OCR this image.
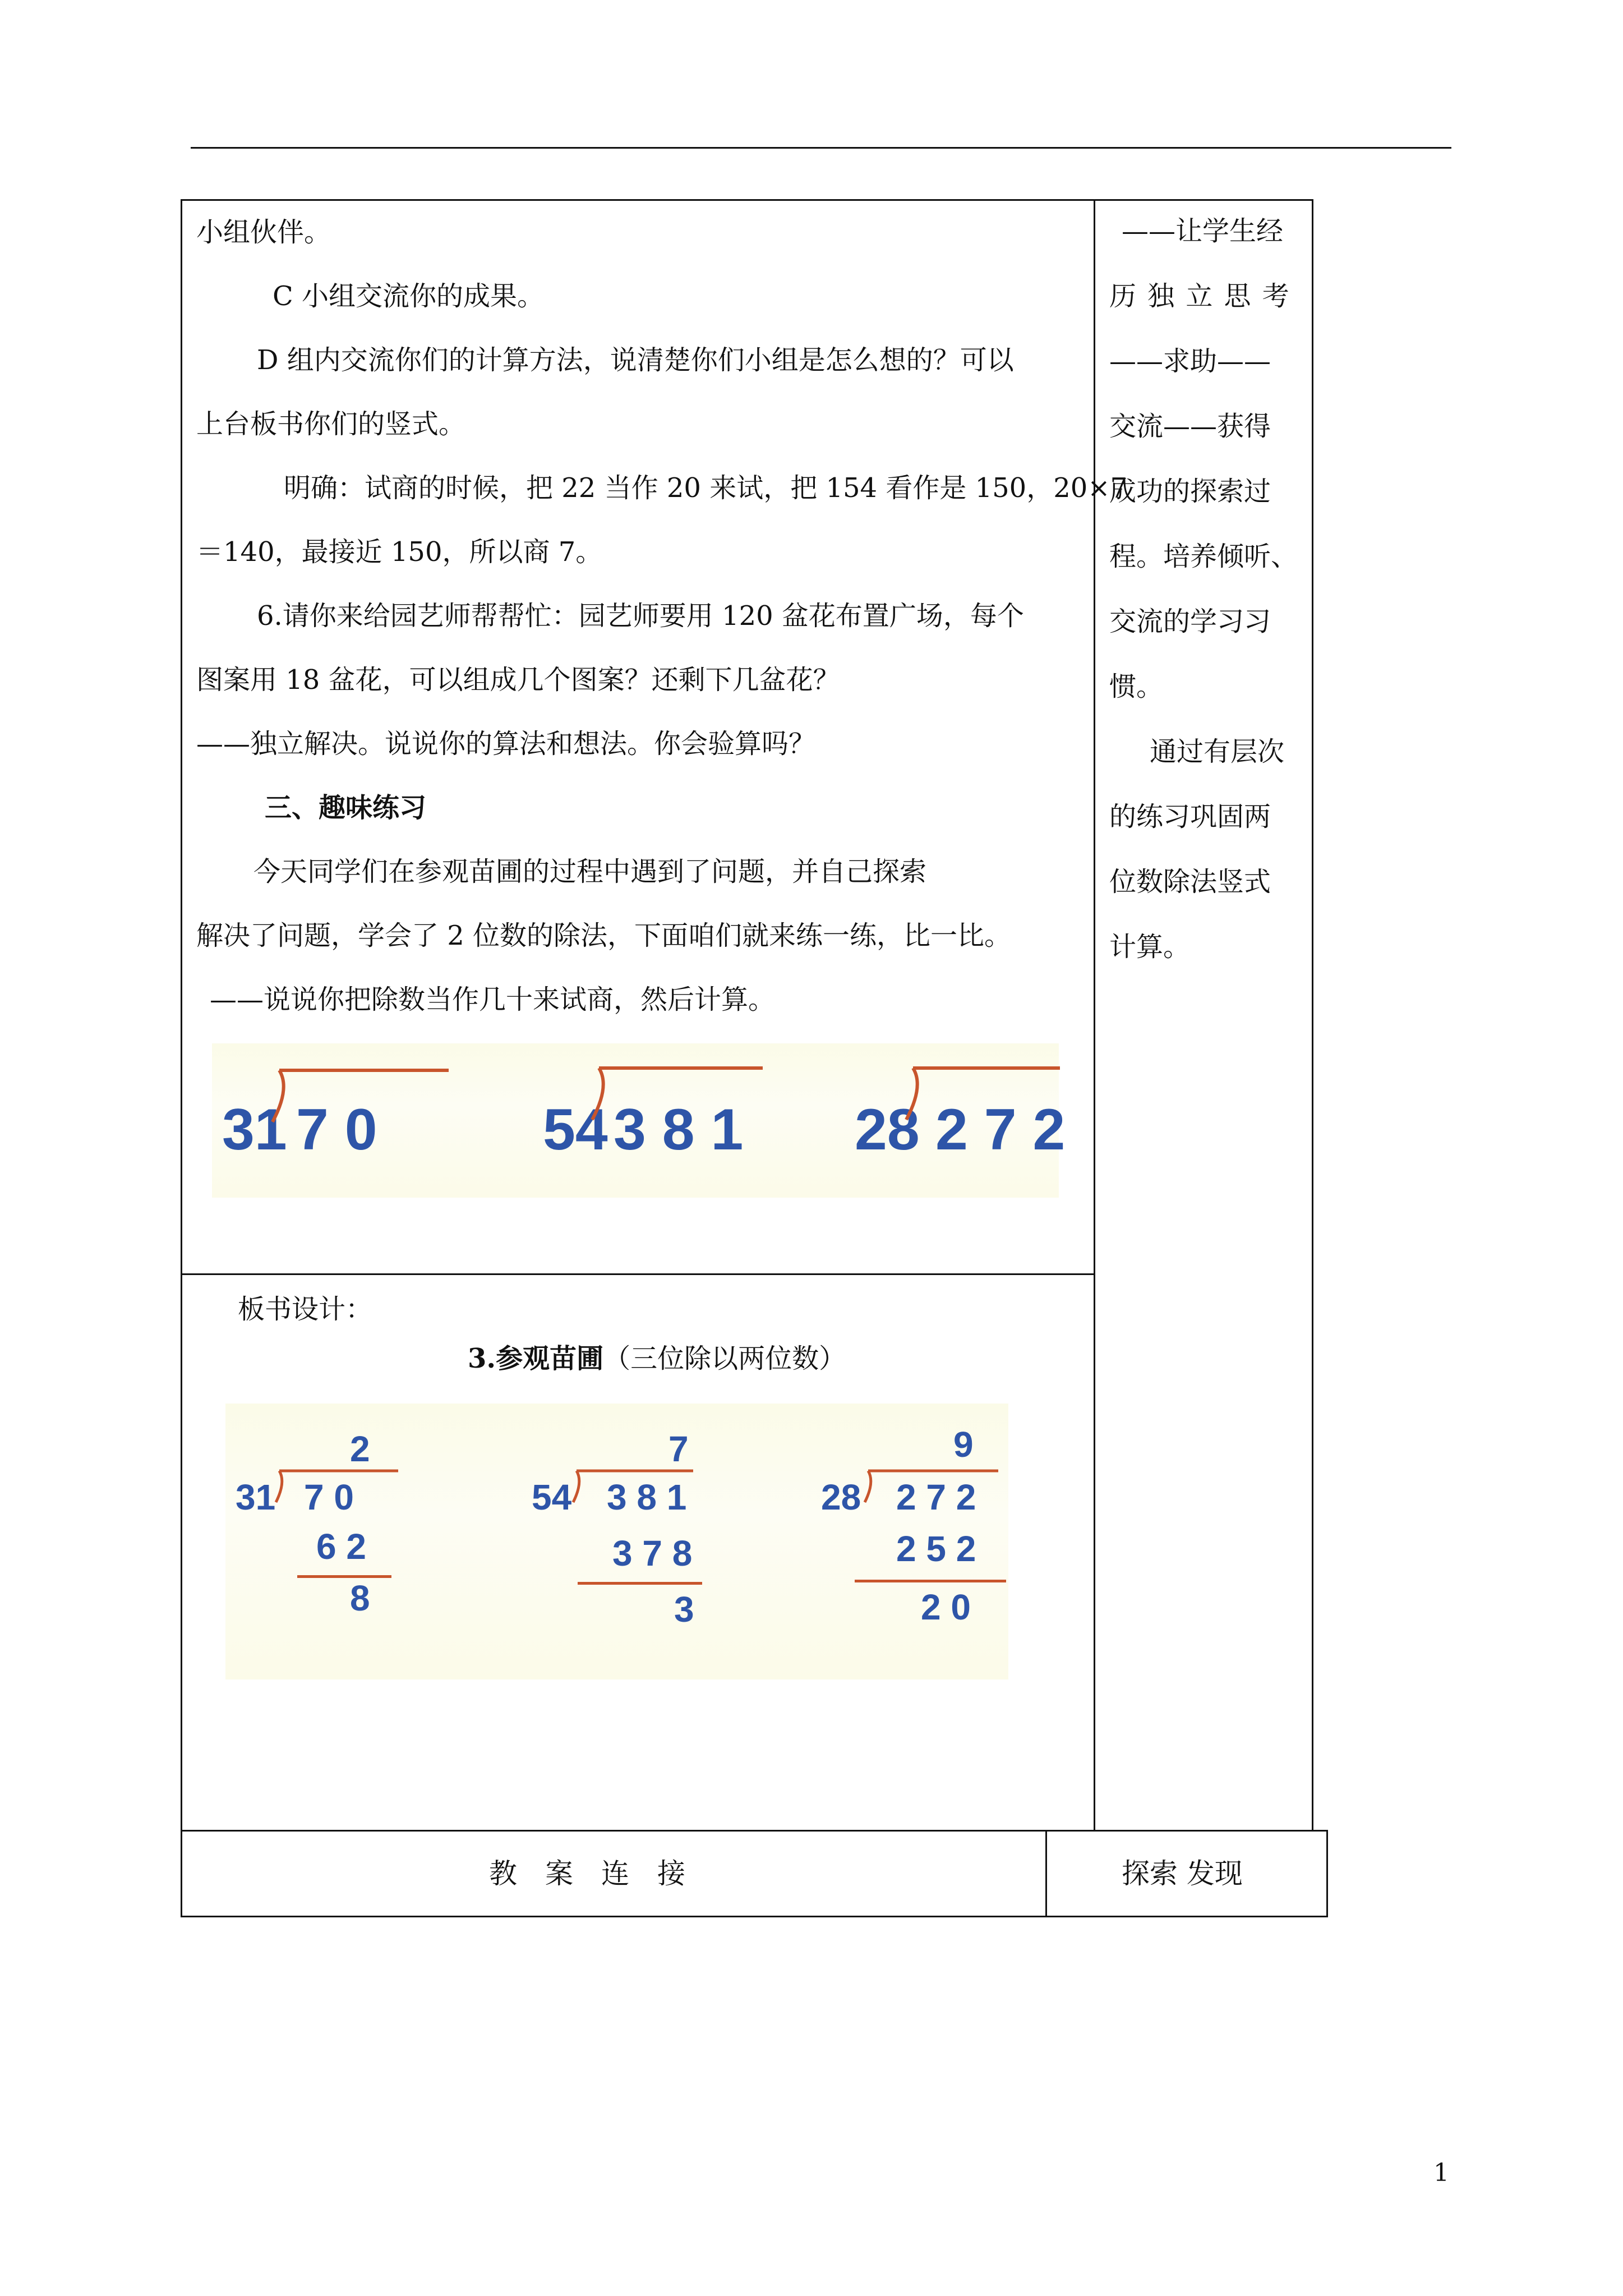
小组伙伴。
C 小组交流你的成果。
D 组内交流你们的计算方法，说清楚你们小组是怎么想的？可以
上台板书你们的竖式。
明确：试商的时候，把 22 当作 20 来试，把 154 看作是 150，20×7
＝140，最接近 150，所以商 7。
6.请你来给园艺师帮帮忙：园艺师要用 120 盆花布置广场，每个
图案用 18 盆花，可以组成几个图案？还剩下几盆花？
——独立解决。说说你的算法和想法。你会验算吗？
三、趣味练习
今天同学们在参观苗圃的过程中遇到了问题，并自己探索
解决了问题，学会了 2 位数的除法，下面咱们就来练一练，比一比。
——说说你把除数当作几十来试商，然后计算。
31 7 0	54 3 8 1 28 2 7 2
——让学生经
历独立思考
——求助——
交流——获得
成功的探索过
程。培养倾听、
交流的学习习
惯。
通过有层次
的练习巩固两
位数除法竖式
计算。
板书设计：
3.参观苗圃（三位除以两位数）
2
31 7 0
6 2
8
7
54 3 8 1
3 7 8
3
9
28 2 7 2
2 5 2
2 0
教　案　连　接	探索 发现
1
